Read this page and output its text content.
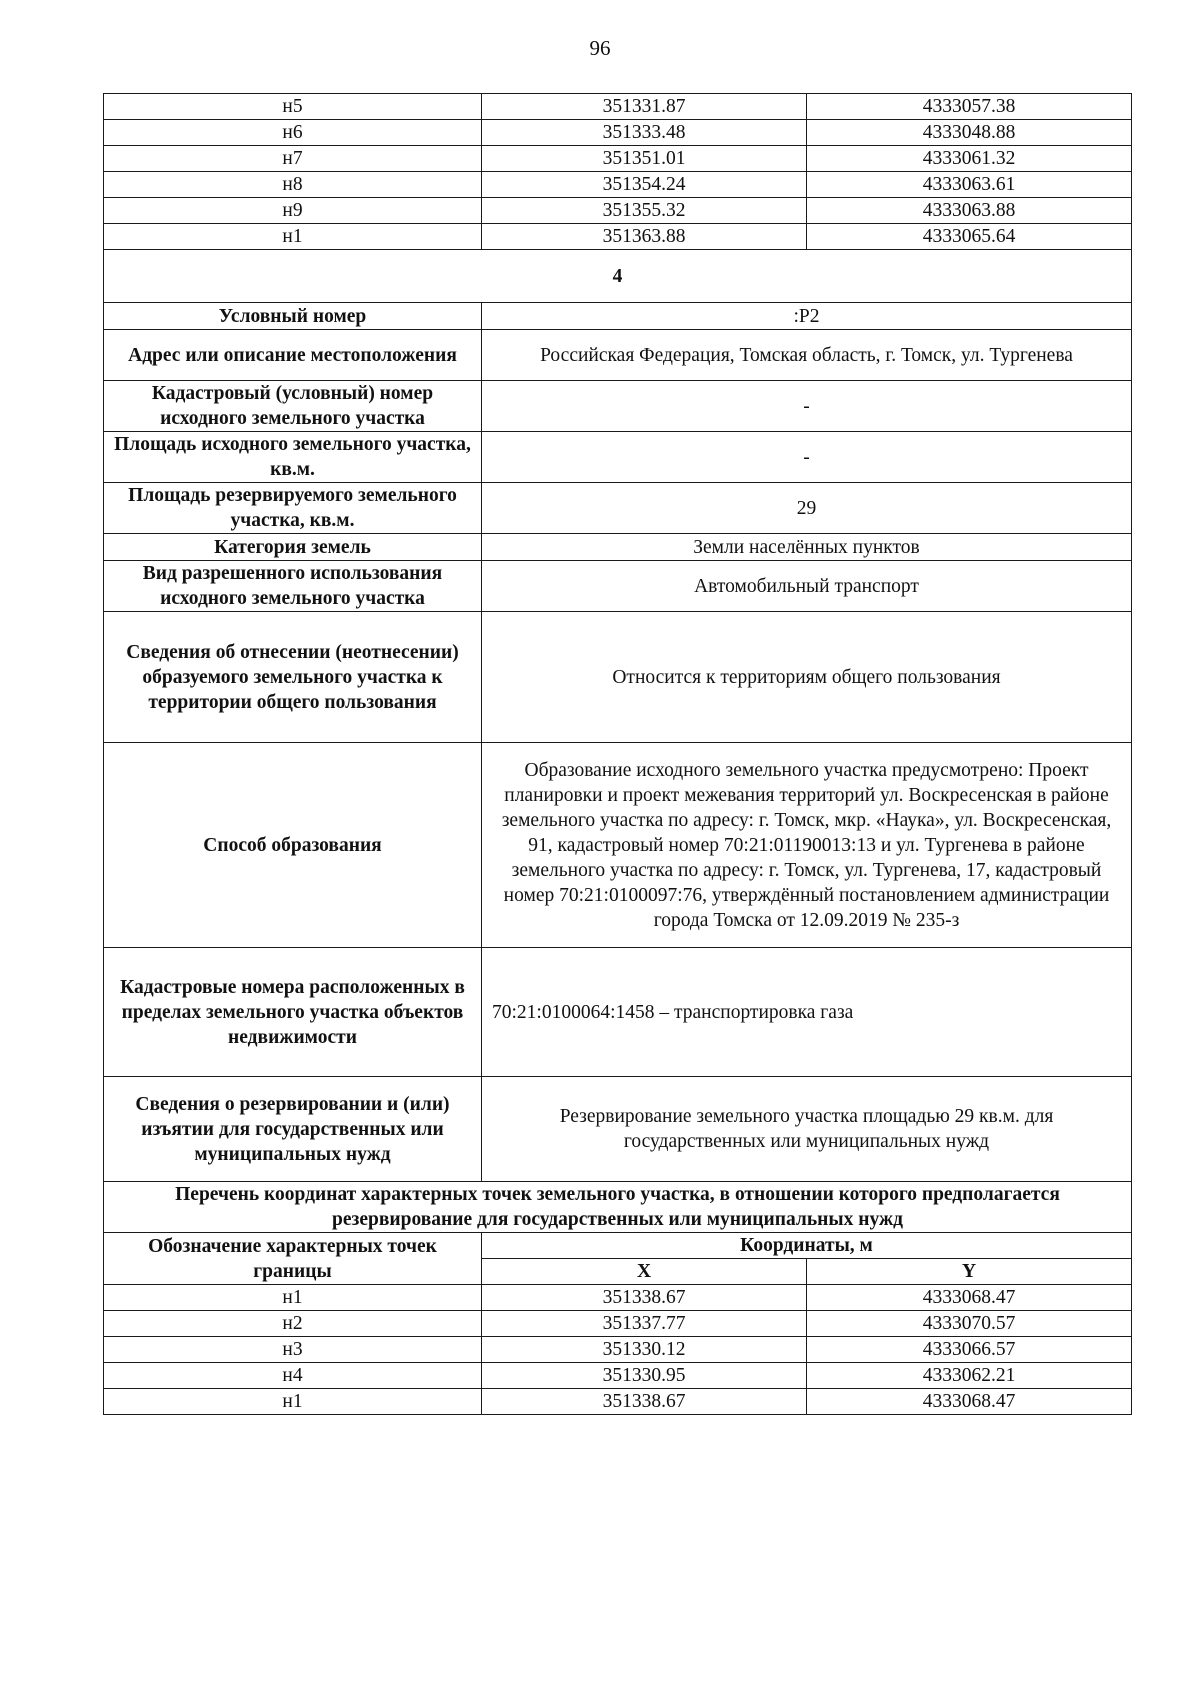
96
н5	351331.87	4333057.38
н6	351333.48	4333048.88
н7	351351.01	4333061.32
н8	351354.24	4333063.61
н9	351355.32	4333063.88
н1	351363.88	4333065.64
4		
Условный номер	:Р2	
Адрес или описание местоположения	Российская Федерация, Томская область, г. Томск, ул. Тургенева	
Кадастровый (условный) номер исходного земельного участка	-	
Площадь исходного земельного участка, кв.м.	-	
Площадь резервируемого земельного участка, кв.м.	29	
Категория земель	Земли населённых пунктов	
Вид разрешенного использования исходного земельного участка	Автомобильный транспорт	
Сведения об отнесении (неотнесении) образуемого земельного участка к территории общего пользования	Относится к территориям общего пользования	
Способ образования	Образование исходного земельного участка предусмотрено: Проект планировки и проект межевания территорий ул. Воскресенская в районе земельного участка по адресу: г. Томск, мкр. «Наука», ул. Воскресенская, 91, кадастровый номер 70:21:01190013:13 и ул. Тургенева в районе земельного участка по адресу: г. Томск, ул. Тургенева, 17, кадастровый номер 70:21:0100097:76, утверждённый постановлением администрации города Томска от 12.09.2019 № 235-з	
Кадастровые номера расположенных в пределах земельного участка объектов недвижимости	70:21:0100064:1458 – транспортировка газа	
Сведения о резервировании и (или) изъятии для государственных или муниципальных нужд	Резервирование земельного участка площадью 29 кв.м. для государственных или муниципальных нужд	
Перечень координат характерных точек земельного участка, в отношении которого предполагается резервирование для государственных или муниципальных нужд		
Обозначение характерных точек границы	Координаты, м	
	X	Y
н1	351338.67	4333068.47
н2	351337.77	4333070.57
н3	351330.12	4333066.57
н4	351330.95	4333062.21
н1	351338.67	4333068.47
